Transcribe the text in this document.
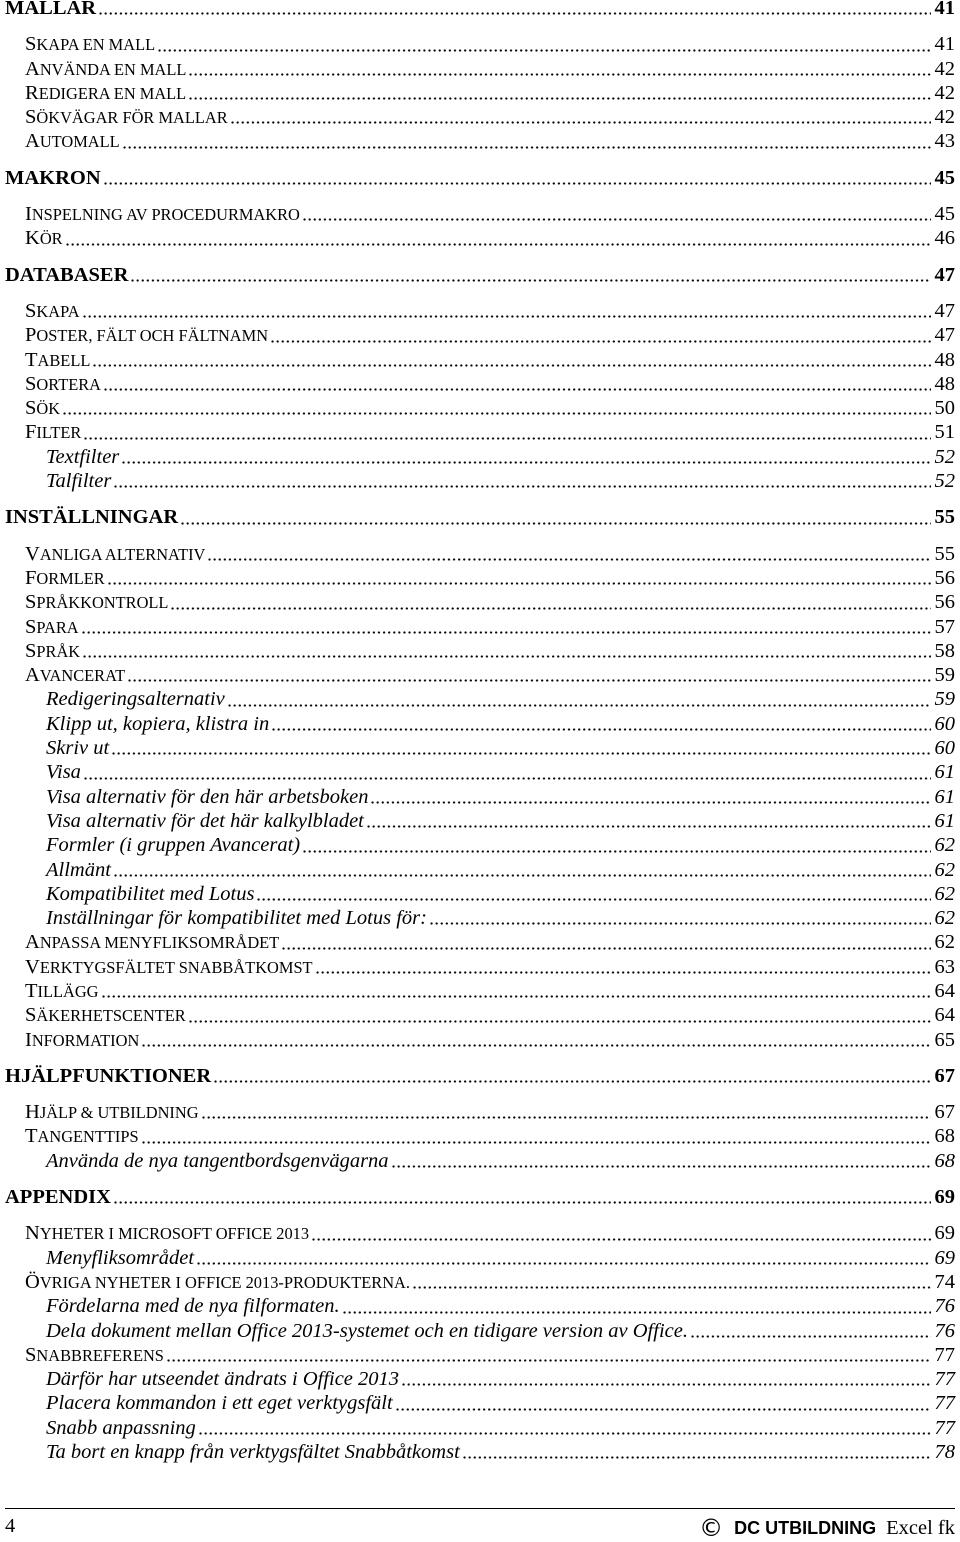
MALLAR	41
SKAPA EN MALL	41
ANVÄNDA EN MALL	42
REDIGERA EN MALL	42
SÖKVÄGAR FÖR MALLAR	42
AUTOMALL	43
MAKRON	45
INSPELNING AV PROCEDURMAKRO	45
KÖR	46
DATABASER	47
SKAPA	47
POSTER, FÄLT OCH FÄLTNAMN	47
TABELL	48
SORTERA	48
SÖK	50
FILTER	51
Textfilter	52
Talfilter	52
INSTÄLLNINGAR	55
VANLIGA ALTERNATIV	55
FORMLER	56
SPRÅKKONTROLL	56
SPARA	57
SPRÅK	58
AVANCERAT	59
Redigeringsalternativ	59
Klipp ut, kopiera, klistra in	60
Skriv ut	60
Visa	61
Visa alternativ för den här arbetsboken	61
Visa alternativ för det här kalkylbladet	61
Formler (i gruppen Avancerat)	62
Allmänt	62
Kompatibilitet med Lotus	62
Inställningar för kompatibilitet med Lotus för:	62
ANPASSA MENYFLIKSOMRÅDET	62
VERKTYGSFÄLTET SNABBÅTKOMST	63
TILLÄGG	64
SÄKERHETSCENTER	64
INFORMATION	65
HJÄLPFUNKTIONER	67
HJÄLP & UTBILDNING	67
TANGENTTIPS	68
Använda de nya tangentbordsgenvägarna	68
APPENDIX	69
NYHETER I MICROSOFT OFFICE 2013	69
Menyfliksområdet	69
ÖVRIGA NYHETER I OFFICE 2013-PRODUKTERNA.	74
Fördelarna med de nya filformaten.	76
Dela dokument mellan Office 2013-systemet och en tidigare version av Office.	76
SNABBREFERENS	77
Därför har utseendet ändrats i Office 2013	77
Placera kommandon i ett eget verktygsfält	77
Snabb anpassning	77
Ta bort en knapp från verktygsfältet Snabbåtkomst	78
4	© DC UTBILDNING Excel fk
